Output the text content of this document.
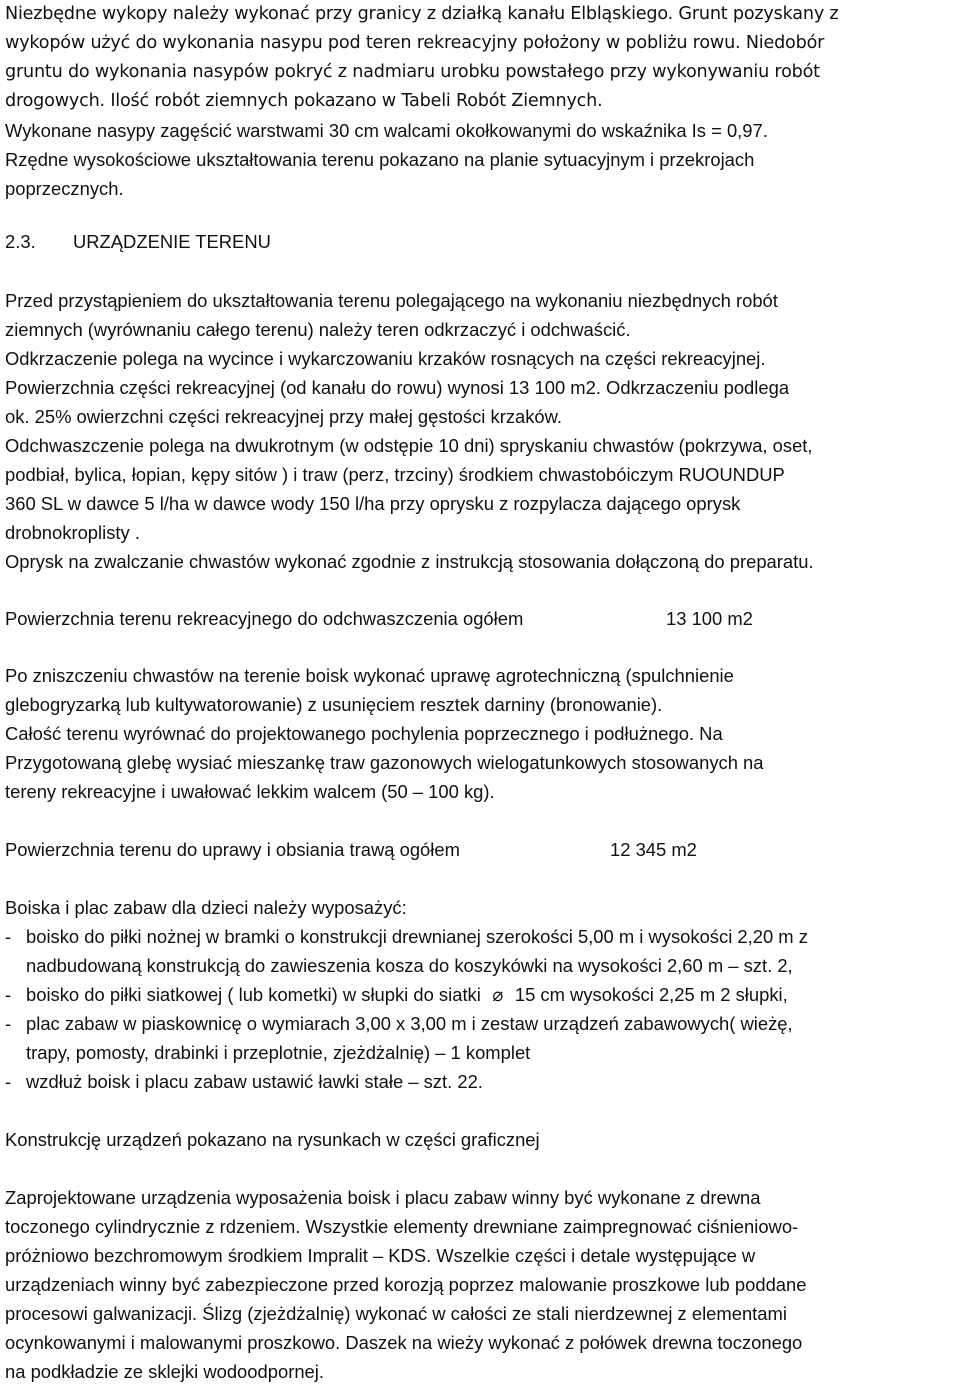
Niezbędne wykopy należy wykonać przy granicy z działką kanału Elbląskiego. Grunt pozyskany z
wykopów użyć do wykonania nasypu pod teren rekreacyjny położony w pobliżu rowu. Niedobór
gruntu do wykonania nasypów pokryć z nadmiaru urobku powstałego przy wykonywaniu robót
drogowych. Ilość robót ziemnych pokazano w Tabeli Robót Ziemnych.
Wykonane nasypy zagęścić warstwami 30 cm walcami okołkowanymi do wskaźnika Is = 0,97.
Rzędne wysokościowe ukształtowania terenu pokazano na planie sytuacyjnym i przekrojach
poprzecznych.
2.3. URZĄDZENIE TERENU
Przed przystąpieniem do ukształtowania terenu polegającego na wykonaniu niezbędnych robót
ziemnych (wyrównaniu całego terenu) należy teren odkrzaczyć i odchwaścić.
Odkrzaczenie polega na wycince i wykarczowaniu krzaków rosnących na części rekreacyjnej.
Powierzchnia części rekreacyjnej (od kanału do rowu) wynosi 13 100 m2. Odkrzaczeniu podlega
ok. 25% owierzchni części rekreacyjnej przy małej gęstości krzaków.
Odchwaszczenie polega na dwukrotnym (w odstępie 10 dni) spryskaniu chwastów (pokrzywa, oset,
podbiał, bylica, łopian, kępy sitów ) i traw (perz, trzciny) środkiem chwastobóiczym RUOUNDUP
360 SL w dawce 5 l/ha w dawce wody 150 l/ha przy oprysku z rozpylacza dającego oprysk
drobnokroplisty .
Oprysk na zwalczanie chwastów wykonać zgodnie z instrukcją stosowania dołączoną do preparatu.
Powierzchnia terenu rekreacyjnego do odchwaszczenia ogółem	13 100 m2
Po zniszczeniu chwastów na terenie boisk wykonać uprawę agrotechniczną (spulchnienie
glebogryzarką lub kultywatorowanie) z usunięciem resztek darniny (bronowanie).
Całość terenu wyrównać do projektowanego pochylenia poprzecznego i podłużnego. Na
Przygotowaną glebę wysiać mieszankę traw gazonowych wielogatunkowych stosowanych na
tereny rekreacyjne i uwałować lekkim walcem (50 – 100 kg).
Powierzchnia terenu do uprawy i obsiania trawą ogółem	12 345 m2
Boiska i plac zabaw dla dzieci należy wyposażyć:
- boisko do piłki nożnej w bramki o konstrukcji drewnianej szerokości 5,00 m i wysokości 2,20 m z
nadbudowaną konstrukcją do zawieszenia kosza do koszykówki na wysokości 2,60 m – szt. 2,
- boisko do piłki siatkowej ( lub kometki) w słupki do siatki ⌀ 15 cm wysokości 2,25 m 2 słupki,
- plac zabaw w piaskownicę o wymiarach 3,00 x 3,00 m i zestaw urządzeń zabawowych( wieżę,
trapy, pomosty, drabinki i przeplotnie, zjeżdżalnię) – 1 komplet
- wzdłuż boisk i placu zabaw ustawić ławki stałe – szt. 22.
Konstrukcję urządzeń pokazano na rysunkach w części graficznej
Zaprojektowane urządzenia wyposażenia boisk i placu zabaw winny być wykonane z drewna
toczonego cylindrycznie z rdzeniem. Wszystkie elementy drewniane zaimpregnować ciśnieniowo-
próżniowo bezchromowym środkiem Impralit – KDS. Wszelkie części i detale występujące w
urządzeniach winny być zabezpieczone przed korozją poprzez malowanie proszkowe lub poddane
procesowi galwanizacji. Ślizg (zjeżdżalnię) wykonać w całości ze stali nierdzewnej z elementami
ocynkowanymi i malowanymi proszkowo. Daszek na wieży wykonać z połówek drewna toczonego
na podkładzie ze sklejki wodoodpornej.
